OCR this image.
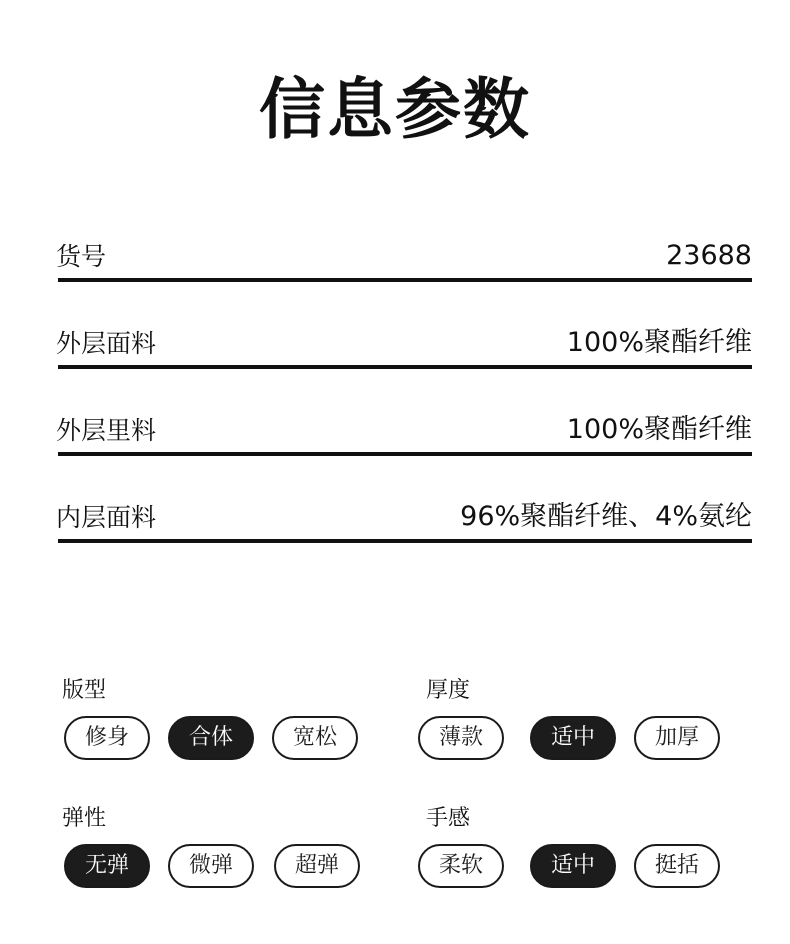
信息参数
货号	23688
外层面料	100%聚酯纤维
外层里料	100%聚酯纤维
内层面料	96%聚酯纤维、4%氨纶
版型
修身	合体	宽松
厚度
薄款	适中	加厚
弹性
无弹	微弹	超弹
手感
柔软	适中	挺括
